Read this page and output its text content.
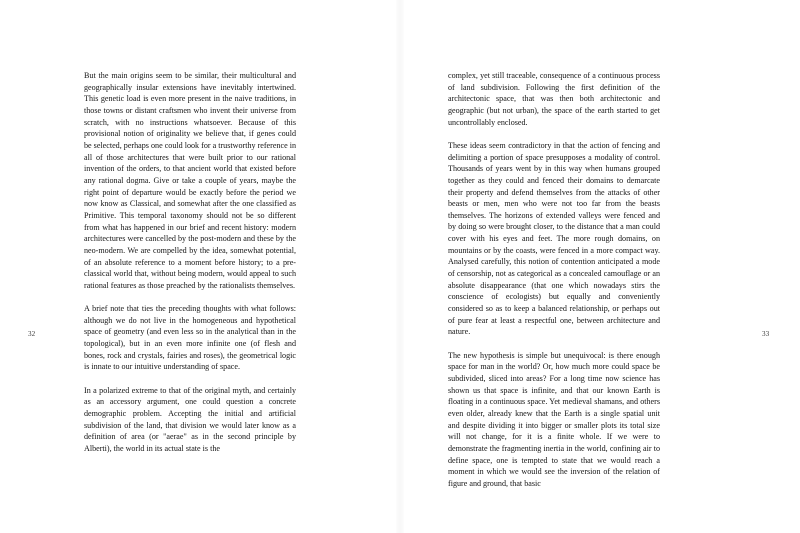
32

But the main origins seem to be similar, their multicultural and geographically insular extensions have inevitably intertwined. This genetic load is even more present in the naive traditions, in those towns or distant craftsmen who invent their universe from scratch, with no instructions whatsoever. Because of this provisional notion of originality we believe that, if genes could be selected, perhaps one could look for a trustworthy reference in all of those architectures that were built prior to our rational invention of the orders, to that ancient world that existed before any rational dogma. Give or take a couple of years, maybe the right point of departure would be exactly before the period we now know as Classical, and somewhat after the one classified as Primitive. This temporal taxonomy should not be so different from what has happened in our brief and recent history: modern architectures were cancelled by the post-modern and these by the neo-modern. We are compelled by the idea, somewhat potential, of an absolute reference to a moment before history; to a pre-classical world that, without being modern, would appeal to such rational features as those preached by the rationalists themselves.

A brief note that ties the preceding thoughts with what follows: although we do not live in the homogeneous and hypothetical space of geometry (and even less so in the analytical than in the topological), but in an even more infinite one (of flesh and bones, rock and crystals, fairies and roses), the geometrical logic is innate to our intuitive understanding of space.

In a polarized extreme to that of the original myth, and certainly as an accessory argument, one could question a concrete demographic problem. Accepting the initial and artificial subdivision of the land, that division we would later know as a definition of area (or "aerae" as in the second principle by Alberti), the world in its actual state is the

33

complex, yet still traceable, consequence of a continuous process of land subdivision. Following the first definition of the architectonic space, that was then both architectonic and geographic (but not urban), the space of the earth started to get uncontrollably enclosed.

These ideas seem contradictory in that the action of fencing and delimiting a portion of space presupposes a modality of control. Thousands of years went by in this way when humans grouped together as they could and fenced their domains to demarcate their property and defend themselves from the attacks of other beasts or men, men who were not too far from the beasts themselves. The horizons of extended valleys were fenced and by doing so were brought closer, to the distance that a man could cover with his eyes and feet. The more rough domains, on mountains or by the coasts, were fenced in a more compact way. Analysed carefully, this notion of contention anticipated a mode of censorship, not as categorical as a concealed camouflage or an absolute disappearance (that one which nowadays stirs the conscience of ecologists) but equally and conveniently considered so as to keep a balanced relationship, or perhaps out of pure fear at least a respectful one, between architecture and nature.

The new hypothesis is simple but unequivocal: is there enough space for man in the world? Or, how much more could space be subdivided, sliced into areas? For a long time now science has shown us that space is infinite, and that our known Earth is floating in a continuous space. Yet medieval shamans, and others even older, already knew that the Earth is a single spatial unit and despite dividing it into bigger or smaller plots its total size will not change, for it is a finite whole. If we were to demonstrate the fragmenting inertia in the world, confining air to define space, one is tempted to state that we would reach a moment in which we would see the inversion of the relation of figure and ground, that basic
